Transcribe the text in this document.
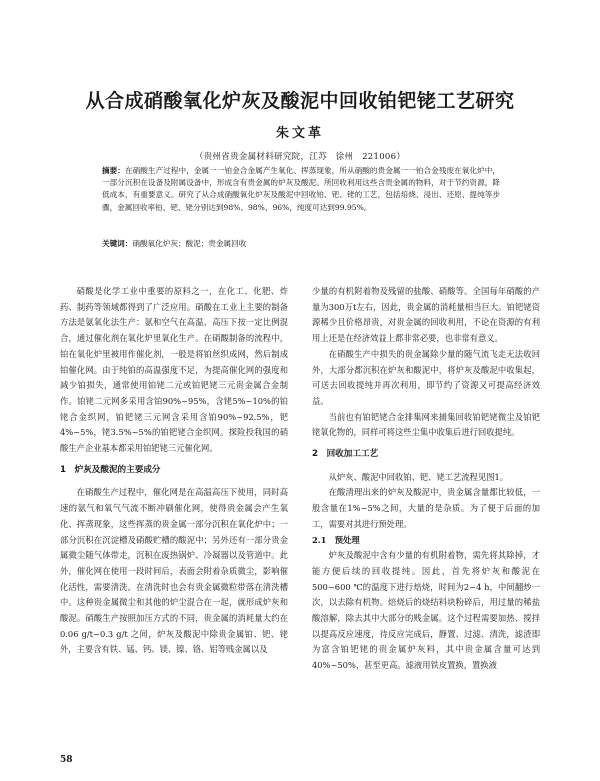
从合成硝酸氧化炉灰及酸泥中回收铂钯铑工艺研究
朱文革
（贵州省贵金属材料研究院，江苏　徐州　221006）
摘要：在硝酸生产过程中，金属一一铂金合金属产生氧化、挥蒸现象，所从硝酸的贵金属一一铂合金残废在氧化炉中，一部分沉积在设备及附属设备中，形成含有贵金属的炉灰及酸泥。所回收利用这些含贵金属的物料，对于节约资源，降低成本，有重要意义。研究了从合成硝酸氧化炉灰及酸泥中回收铂、钯、铑的工艺，包括焙烧、浸出、还原、提纯等步骤，金属回收率铂、钯、铑分别达到98%、98%、96%，纯度可达到99.95%。
关键词：硝酸氧化炉灰；酸泥；贵金属回收

硝酸是化学工业中重要的原料之一，在化工、化肥、炸药、制药等领域都得到了广泛应用。硝酸在工业上主要的制备方法是氨氧化法生产：氨和空气在高温、高压下按一定比例混合，通过催化剂在氧化炉里氧化生产。在硝酸制备的流程中，铂在氧化炉里被用作催化剂，一般是将铂丝织成网，然后制成铂催化网。由于纯铂的高温强度不足，为提高催化网的强度和减少铂损失，通常使用铂铑二元或铂钯铑三元贵金属合金制作。铂铑二元网多采用含铂90%~95%，含铑5%~10%的铂铑合金织网，铂钯铑三元网含采用含铂90%~92.5%，钯4%~5%，铑3.5%~5%的铂钯铑合金织网。探险投我国的硝酸生产企业基本都采用铂钯铑三元催化网。

1　炉灰及酸泥的主要成分

在硝酸生产过程中，催化网是在高温高压下使用，同时高速的氨气和氧气气流不断冲刷催化网，使得贵金属会产生氧化、挥蒸现象，这些挥蒸的贵金属一部分沉积在氧化炉中；一部分沉积在沉淀槽及硝酸贮槽的酸泥中；另外还有一部分贵金属微尘随气体带走，沉积在废热锅炉、冷凝器以及管道中。此外，催化网在使用一段时间后，表面会附着杂质微尘，影响催化活性，需要清洗。在清洗时也会有贵金属微粒带落在清洗槽中。这种贵金属微尘和其他的炉尘混合在一起，就形成炉灰和酸泥。硝酸生产按照加压方式的不同，贵金属的消耗量大约在0.06 g/t~0.3 g/t 之间，炉灰及酸泥中除贵金属铂、钯、铑外，主要含有铁、锰、钙、镁、镍、铬、铝等贱金属以及

少量的有机附着物及残留的盐酸、硝酸等。全国每年硝酸的产量为300万t左右，因此，贵金属的消耗量相当巨大。铂钯铑资源稀少且价格昂贵，对贵金属的回收利用，不论在资源的有利用上还是在经济效益上都非常必要，也非常有意义。

在硝酸生产中损失的贵金属除少量的随气流飞走无法收回外，大部分都沉积在炉灰和酸泥中，将炉灰及酸泥中收集起，可送去回收提纯并再次利用，即节约了资源又可提高经济效益。

当前也有铂钯铑合金排集网来捕集回收铂钯铑微尘及铂钯铑氧化物的，同样可将这些尘集中收集后进行回收提纯。

2　回收加工工艺

从炉灰、酸泥中回收铂、钯、铑工艺流程见图1。

在酸清理出来的炉灰及酸泥中，贵金属含量都比较低，一般含量在1%~5%之间，大量的是杂质。为了便于后面的加工，需要对其进行预处理。

2.1　预处理

炉灰及酸泥中含有少量的有机附着物，需先将其除掉，才能方便后续的回收提纯。因此，首先将炉灰和酸泥在500~600 ℃的温度下进行焙烧，时间为2~4 h，中间翻炒一次，以去除有机物。焙烧后的烧结料块粉碎后，用过量的稀盐酸溶解，除去其中大部分的贱金属。这个过程需要加热、搅拌以提高反应速度，待反应完成后，静置、过滤、清洗，滤渣即为富含铂钯铑的贵金属炉灰料，其中贵金属含量可达到40%~50%，甚至更高。滤液用铁皮置换，置换液

58
